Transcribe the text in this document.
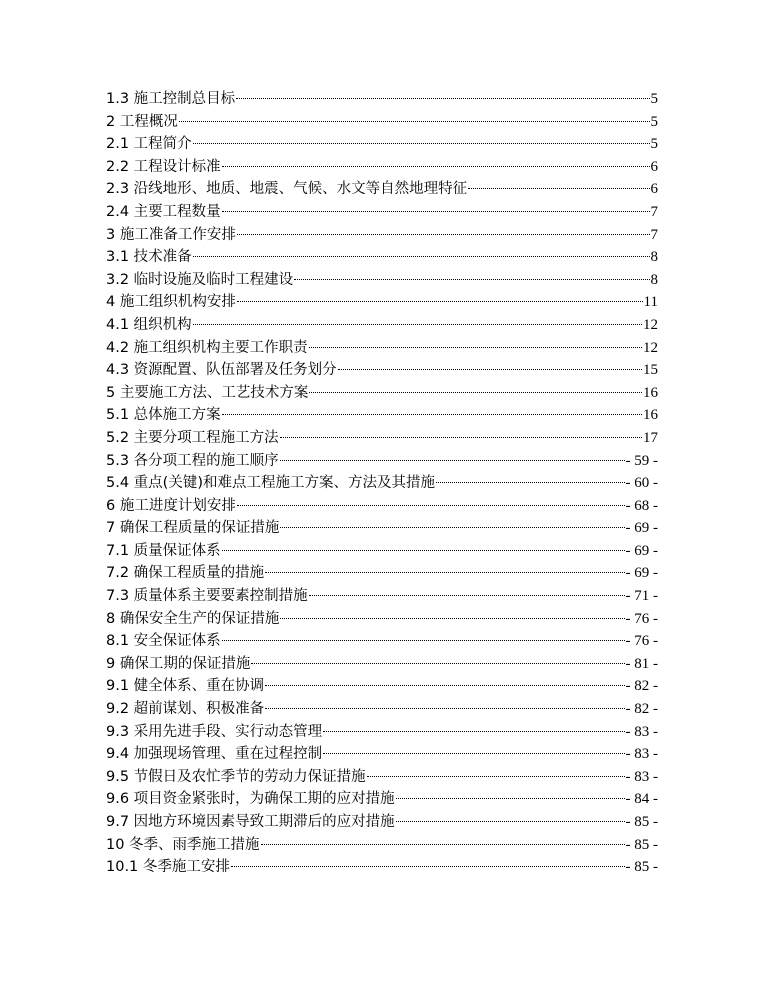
1.3 施工控制总目标	5
2 工程概况	5
2.1 工程简介	5
2.2 工程设计标准	6
2.3 沿线地形、地质、地震、气候、水文等自然地理特征	6
2.4 主要工程数量	7
3 施工准备工作安排	7
3.1 技术准备	8
3.2 临时设施及临时工程建设	8
4 施工组织机构安排	11
4.1 组织机构	12
4.2 施工组织机构主要工作职责	12
4.3 资源配置、队伍部署及任务划分	15
5 主要施工方法、工艺技术方案	16
5.1 总体施工方案	16
5.2 主要分项工程施工方法	17
5.3 各分项工程的施工顺序	- 59 -
5.4 重点(关键)和难点工程施工方案、方法及其措施	- 60 -
6 施工进度计划安排	- 68 -
7 确保工程质量的保证措施	- 69 -
7.1 质量保证体系	- 69 -
7.2 确保工程质量的措施	- 69 -
7.3 质量体系主要要素控制措施	- 71 -
8 确保安全生产的保证措施	- 76 -
8.1 安全保证体系	- 76 -
9 确保工期的保证措施	- 81 -
9.1 健全体系、重在协调	- 82 -
9.2 超前谋划、积极准备	- 82 -
9.3 采用先进手段、实行动态管理	- 83 -
9.4 加强现场管理、重在过程控制	- 83 -
9.5 节假日及农忙季节的劳动力保证措施	- 83 -
9.6 项目资金紧张时，为确保工期的应对措施	- 84 -
9.7 因地方环境因素导致工期滞后的应对措施	- 85 -
10 冬季、雨季施工措施	- 85 -
10.1 冬季施工安排	- 85 -
